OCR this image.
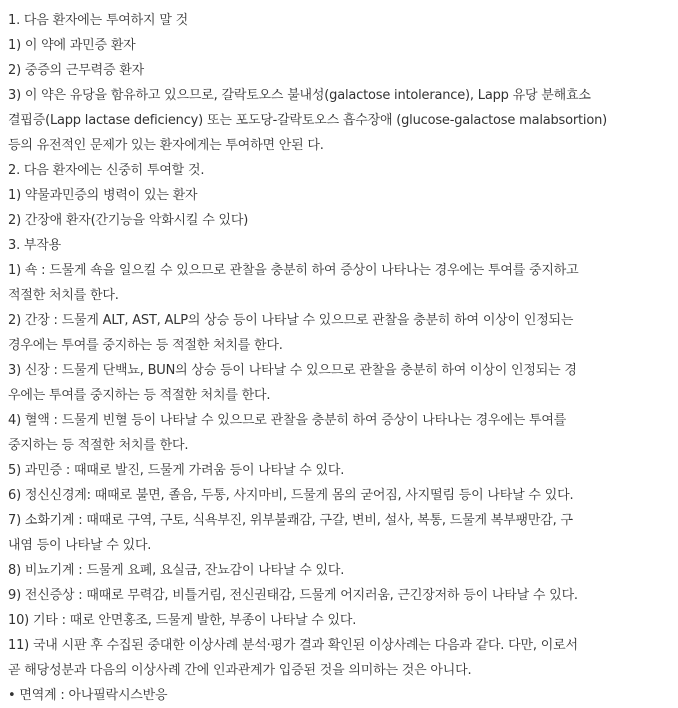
1. 다음 환자에는 투여하지 말 것
1) 이 약에 과민증 환자
2) 중증의 근무력증 환자
3) 이 약은 유당을 함유하고 있으므로, 갈락토오스 불내성(galactose intolerance), Lapp 유당 분해효소
결핍증(Lapp lactase deficiency) 또는 포도당-갈락토오스 흡수장애 (glucose-galactose malabsortion)
등의 유전적인 문제가 있는 환자에게는 투여하면 안된 다.
2. 다음 환자에는 신중히 투여할 것.
1) 약물과민증의 병력이 있는 환자
2) 간장애 환자(간기능을 악화시킬 수 있다)
3. 부작용
1) 쇽 : 드물게 쇽을 일으킬 수 있으므로 관찰을 충분히 하여 증상이 나타나는 경우에는 투여를 중지하고
적절한 처치를 한다.
2) 간장 : 드물게 ALT, AST, ALP의 상승 등이 나타날 수 있으므로 관찰을 충분히 하여 이상이 인정되는
경우에는 투여를 중지하는 등 적절한 처치를 한다.
3) 신장 : 드물게 단백뇨, BUN의 상승 등이 나타날 수 있으므로 관찰을 충분히 하여 이상이 인정되는 경
우에는 투여를 중지하는 등 적절한 처치를 한다.
4) 혈액 : 드물게 빈혈 등이 나타날 수 있으므로 관찰을 충분히 하여 증상이 나타나는 경우에는 투여를
중지하는 등 적절한 처치를 한다.
5) 과민증 : 때때로 발진, 드물게 가려움 등이 나타날 수 있다.
6) 정신신경계: 때때로 불면, 졸음, 두통, 사지마비, 드물게 몸의 굳어짐, 사지떨림 등이 나타날 수 있다.
7) 소화기계 : 때때로 구역, 구토, 식욕부진, 위부불쾌감, 구갈, 변비, 설사, 복통, 드물게 복부팽만감, 구
내염 등이 나타날 수 있다.
8) 비뇨기계 : 드물게 요폐, 요실금, 잔뇨감이 나타날 수 있다.
9) 전신증상 : 때때로 무력감, 비틀거림, 전신권태감, 드물게 어지러움, 근긴장저하 등이 나타날 수 있다.
10) 기타 : 때로 안면홍조, 드물게 발한, 부종이 나타날 수 있다.
11) 국내 시판 후 수집된 중대한 이상사례 분석·평가 결과 확인된 이상사례는 다음과 같다. 다만, 이로서
곧 해당성분과 다음의 이상사례 간에 인과관계가 입증된 것을 의미하는 것은 아니다.
• 면역계 : 아나필락시스반응
